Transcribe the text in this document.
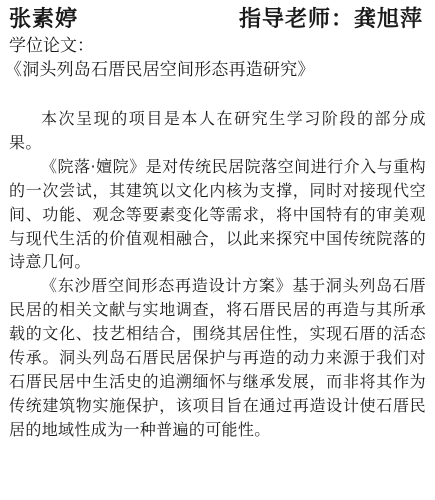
张素婷	指导老师：龚旭萍
学位论文：
《洞头列岛石厝民居空间形态再造研究》

本次呈现的项目是本人在研究生学习阶段的部分成果。

《院落·嬗院》是对传统民居院落空间进行介入与重构的一次尝试，其建筑以文化内核为支撑，同时对接现代空间、功能、观念等要素变化等需求，将中国特有的审美观与现代生活的价值观相融合，以此来探究中国传统院落的诗意几何。

《东沙厝空间形态再造设计方案》基于洞头列岛石厝民居的相关文献与实地调查，将石厝民居的再造与其所承载的文化、技艺相结合，围绕其居住性，实现石厝的活态传承。洞头列岛石厝民居保护与再造的动力来源于我们对石厝民居中生活史的追溯缅怀与继承发展，而非将其作为传统建筑物实施保护，该项目旨在通过再造设计使石厝民居的地域性成为一种普遍的可能性。
